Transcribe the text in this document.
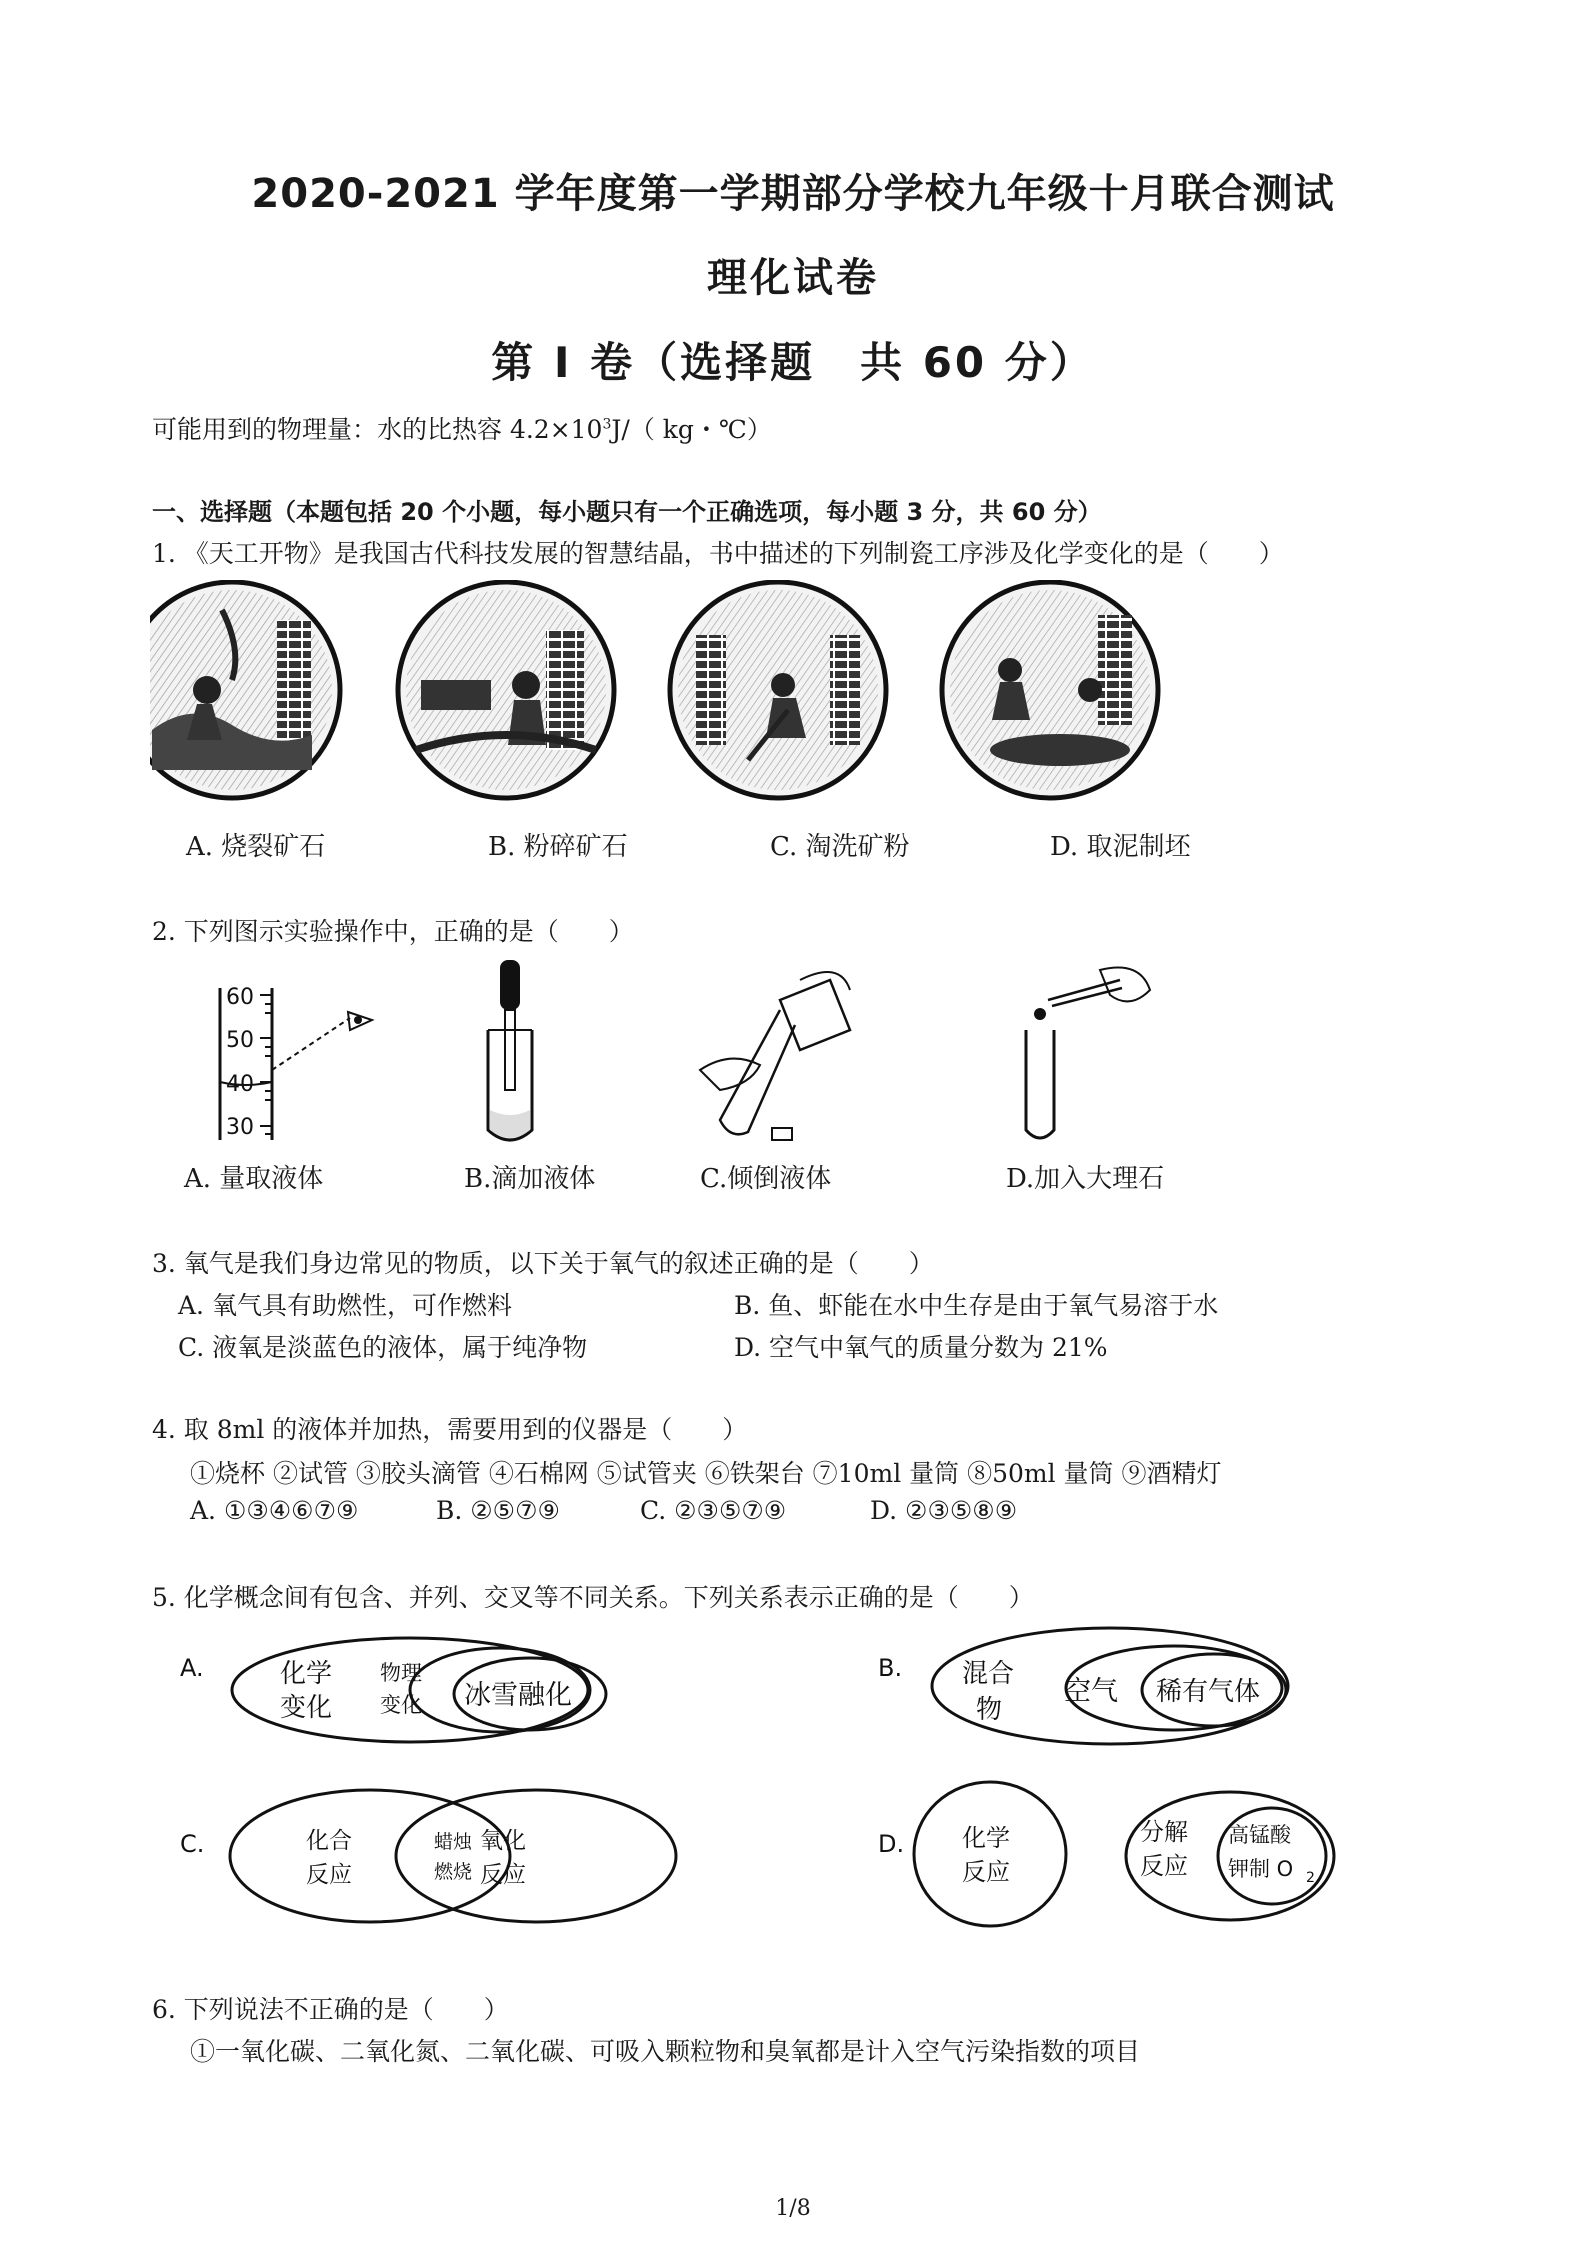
2020-2021 学年度第一学期部分学校九年级十月联合测试
理化试卷
第 I 卷（选择题　共 60 分）
可能用到的物理量：水的比热容 $4.2\times 10^3J/$（ kg・℃）
一、选择题（本题包括 20 个小题，每小题只有一个正确选项，每小题 3 分，共 60 分）
1. 《天工开物》是我国古代科技发展的智慧结晶，书中描述的下列制瓷工序涉及化学变化的是（　　）
A. 烧裂矿石	B. 粉碎矿石	C. 淘洗矿粉	D. 取泥制坯
2. 下列图示实验操作中，正确的是（　　）
60
50
40
30
A. 量取液体	B.滴加液体	C.倾倒液体	D.加入大理石
3. 氧气是我们身边常见的物质，以下关于氧气的叙述正确的是（　　）
A. 氧气具有助燃性，可作燃料	B. 鱼、虾能在水中生存是由于氧气易溶于水
C. 液氧是淡蓝色的液体，属于纯净物	D. 空气中氧气的质量分数为 21%
4. 取 8ml 的液体并加热，需要用到的仪器是（　　）
①烧杯 ②试管 ③胶头滴管 ④石棉网 ⑤试管夹 ⑥铁架台 ⑦10ml 量筒 ⑧50ml 量筒 ⑨酒精灯
A. ①③④⑥⑦⑨	B. ②⑤⑦⑨	C. ②③⑤⑦⑨	D. ②③⑤⑧⑨
5. 化学概念间有包含、并列、交叉等不同关系。下列关系表示正确的是（　　）
A.	化学
变化
物理
变化 冰雪融化
B. 混合
物
空气 稀有气体
C.	化合
反应
蜡烛
燃烧
氧化
反应
D. 化学
反应
分解
反应
高锰酸
钾制 O 2
6. 下列说法不正确的是（　　）
①一氧化碳、二氧化氮、二氧化碳、可吸入颗粒物和臭氧都是计入空气污染指数的项目
1/8
